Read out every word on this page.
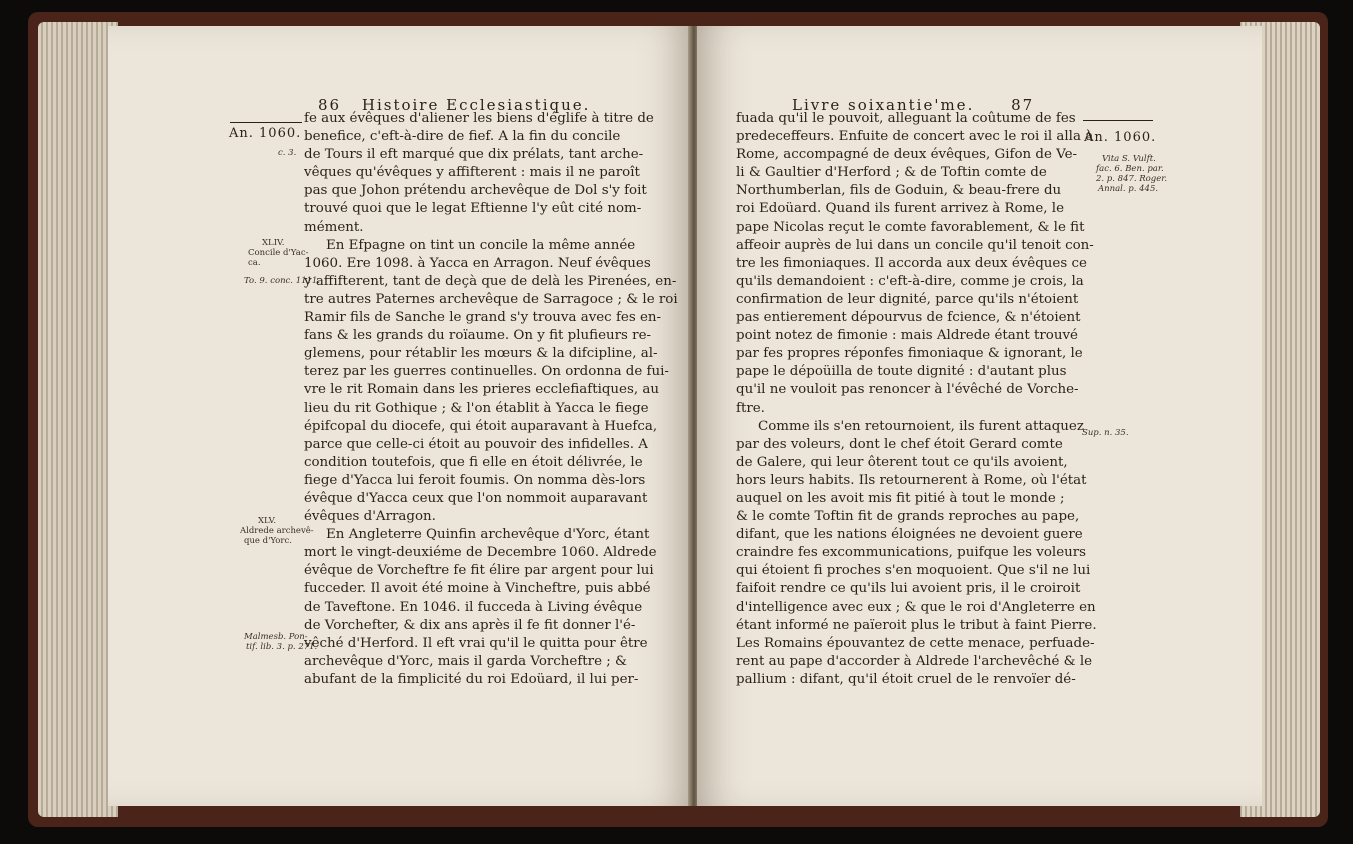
86 Histoire Ecclesiastique.
An. 1060.
c. 3.
XLIV.
Concile d'Yac-
ca.
To. 9. conc. 1111.
XLV.
Aldrede archevê-
que d'Yorc.
Malmesb. Pon-
tif. lib. 3. p. 271.
fe aux évêques d'aliener les biens d'églife à titre de
benefice, c'eft-à-dire de fief. A la fin du concile
de Tours il eft marqué que dix prélats, tant arche-
vêques qu'évêques y affifterent : mais il ne paroît
pas que Johon prétendu archevêque de Dol s'y foit
trouvé quoi que le legat Eftienne l'y eût cité nom-
mément.
En Efpagne on tint un concile la même année
1060. Ere 1098. à Yacca en Arragon. Neuf évêques
y affifterent, tant de deçà que de delà les Pirenées, en-
tre autres Paternes archevêque de Sarragoce ; & le roi
Ramir fils de Sanche le grand s'y trouva avec fes en-
fans & les grands du roïaume. On y fit plufieurs re-
glemens, pour rétablir les mœurs & la difcipline, al-
terez par les guerres continuelles. On ordonna de fui-
vre le rit Romain dans les prieres ecclefiaftiques, au
lieu du rit Gothique ; & l'on établit à Yacca le fiege
épifcopal du diocefe, qui étoit auparavant à Huefca,
parce que celle-ci étoit au pouvoir des infidelles. A
condition toutefois, que fi elle en étoit délivrée, le
fiege d'Yacca lui feroit foumis. On nomma dès-lors
évêque d'Yacca ceux que l'on nommoit auparavant
évêques d'Arragon.
En Angleterre Quinfin archevêque d'Yorc, étant
mort le vingt-deuxiéme de Decembre 1060. Aldrede
évêque de Vorcheftre fe fit élire par argent pour lui
fucceder. Il avoit été moine à Vincheftre, puis abbé
de Taveftone. En 1046. il fucceda à Living évêque
de Vorchefter, & dix ans après il fe fit donner l'é-
vêché d'Herford. Il eft vrai qu'il le quitta pour être
archevêque d'Yorc, mais il garda Vorcheftre ; &
abufant de la fimplicité du roi Edoüard, il lui per-
Livre soixantie'me. 87
An. 1060.
Vita S. Vulft.
fac. 6. Ben. par.
2. p. 847. Roger.
Annal. p. 445.
Sup. n. 35.
fuada qu'il le pouvoit, alleguant la coûtume de fes
predeceffeurs. Enfuite de concert avec le roi il alla à
Rome, accompagné de deux évêques, Gifon de Ve-
li & Gaultier d'Herford ; & de Toftin comte de
Northumberlan, fils de Goduin, & beau-frere du
roi Edoüard. Quand ils furent arrivez à Rome, le
pape Nicolas reçut le comte favorablement, & le fit
affeoir auprès de lui dans un concile qu'il tenoit con-
tre les fimoniaques. Il accorda aux deux évêques ce
qu'ils demandoient : c'eft-à-dire, comme je crois, la
confirmation de leur dignité, parce qu'ils n'étoient
pas entierement dépourvus de fcience, & n'étoient
point notez de fimonie : mais Aldrede étant trouvé
par fes propres réponfes fimoniaque & ignorant, le
pape le dépoüilla de toute dignité : d'autant plus
qu'il ne vouloit pas renoncer à l'évêché de Vorche-
ftre.
Comme ils s'en retournoient, ils furent attaquez
par des voleurs, dont le chef étoit Gerard comte
de Galere, qui leur ôterent tout ce qu'ils avoient,
hors leurs habits. Ils retournerent à Rome, où l'état
auquel on les avoit mis fit pitié à tout le monde ;
& le comte Toftin fit de grands reproches au pape,
difant, que les nations éloignées ne devoient guere
craindre fes excommunications, puifque les voleurs
qui étoient fi proches s'en moquoient. Que s'il ne lui
faifoit rendre ce qu'ils lui avoient pris, il le croiroit
d'intelligence avec eux ; & que le roi d'Angleterre en
étant informé ne païeroit plus le tribut à faint Pierre.
Les Romains épouvantez de cette menace, perfuade-
rent au pape d'accorder à Aldrede l'archevêché & le
pallium : difant, qu'il étoit cruel de le renvoïer dé-
